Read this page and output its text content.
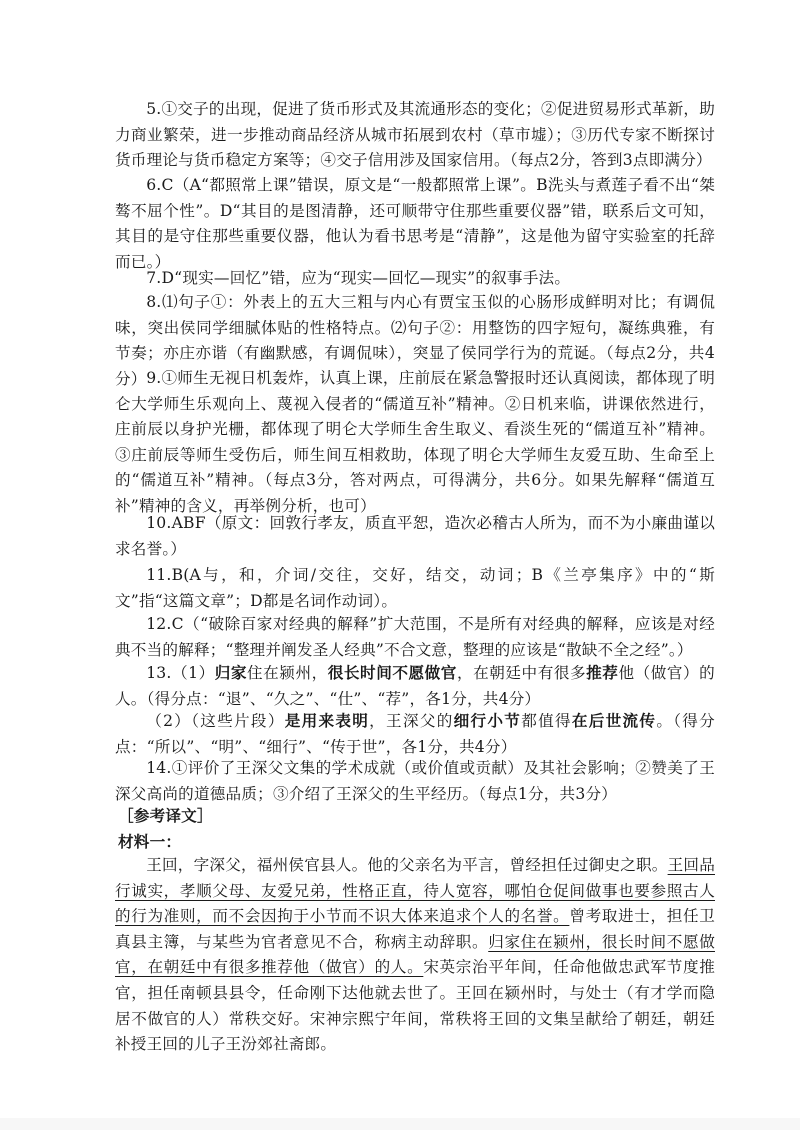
5.①交子的出现，促进了货币形式及其流通形态的变化；②促进贸易形式革新，助力商业繁荣，进一步推动商品经济从城市拓展到农村（草市墟）；③历代专家不断探讨货币理论与货币稳定方案等；④交子信用涉及国家信用。（每点2分，答到3点即满分）
6.C（A“都照常上课”错误，原文是“一般都照常上课”。B洗头与煮莲子看不出“桀骜不屈个性”。D“其目的是图清静，还可顺带守住那些重要仪器”错，联系后文可知，其目的是守住那些重要仪器，他认为看书思考是“清静”，这是他为留守实验室的托辞而已。）
7.D“现实—回忆”错，应为“现实—回忆—现实”的叙事手法。
8.⑴句子①：外表上的五大三粗与内心有贾宝玉似的心肠形成鲜明对比；有调侃味，突出侯同学细腻体贴的性格特点。⑵句子②：用整饬的四字短句，凝练典雅，有节奏；亦庄亦谐（有幽默感，有调侃味），突显了侯同学行为的荒诞。（每点2分，共4分） 9.①师生无视日机轰炸，认真上课，庄前辰在紧急警报时还认真阅读，都体现了明仑大学师生乐观向上、蔑视入侵者的“儒道互补”精神。②日机来临，讲课依然进行，庄前辰以身护光栅，都体现了明仑大学师生舍生取义、看淡生死的“儒道互补”精神。③庄前辰等师生受伤后，师生间互相救助，体现了明仑大学师生友爱互助、生命至上的“儒道互补”精神。（每点3分，答对两点，可得满分，共6分。如果先解释“儒道互补”精神的含义，再举例分析，也可）
10.ABF（原文：回敦行孝友，质直平恕，造次必稽古人所为，而不为小廉曲谨以求名誉。）
11.B(A与，和，介词/交往，交好，结交，动词；B《兰亭集序》中的“斯文”指“这篇文章”；D都是名词作动词）。
12.C（“破除百家对经典的解释”扩大范围，不是所有对经典的解释，应该是对经典不当的解释；“整理并阐发圣人经典”不合文意，整理的应该是“散缺不全之经”。）
13.（1）归家住在颍州，很长时间不愿做官，在朝廷中有很多推荐他（做官）的人。（得分点：“退”、“久之”、“仕”、“荐”，各1分，共4分）
（2）（这些片段）是用来表明，王深父的细行小节都值得在后世流传。（得分点：“所以”、“明”、“细行”、“传于世”，各1分，共4分）
14.①评价了王深父文集的学术成就（或价值或贡献）及其社会影响；②赞美了王深父高尚的道德品质；③介绍了王深父的生平经历。（每点1分，共3分）
［参考译文］
材料一：
王回，字深父，福州侯官县人。他的父亲名为平言，曾经担任过御史之职。王回品行诚实，孝顺父母、友爱兄弟，性格正直，待人宽容，哪怕仓促间做事也要参照古人的行为准则，而不会因拘于小节而不识大体来追求个人的名誉。曾考取进士，担任卫真县主簿，与某些为官者意见不合，称病主动辞职。归家住在颍州，很长时间不愿做官，在朝廷中有很多推荐他（做官）的人。宋英宗治平年间，任命他做忠武军节度推官，担任南顿县县令，任命刚下达他就去世了。王回在颍州时，与处士（有才学而隐居不做官的人）常秩交好。宋神宗熙宁年间，常秩将王回的文集呈献给了朝廷，朝廷补授王回的儿子王汾郊社斋郎。
